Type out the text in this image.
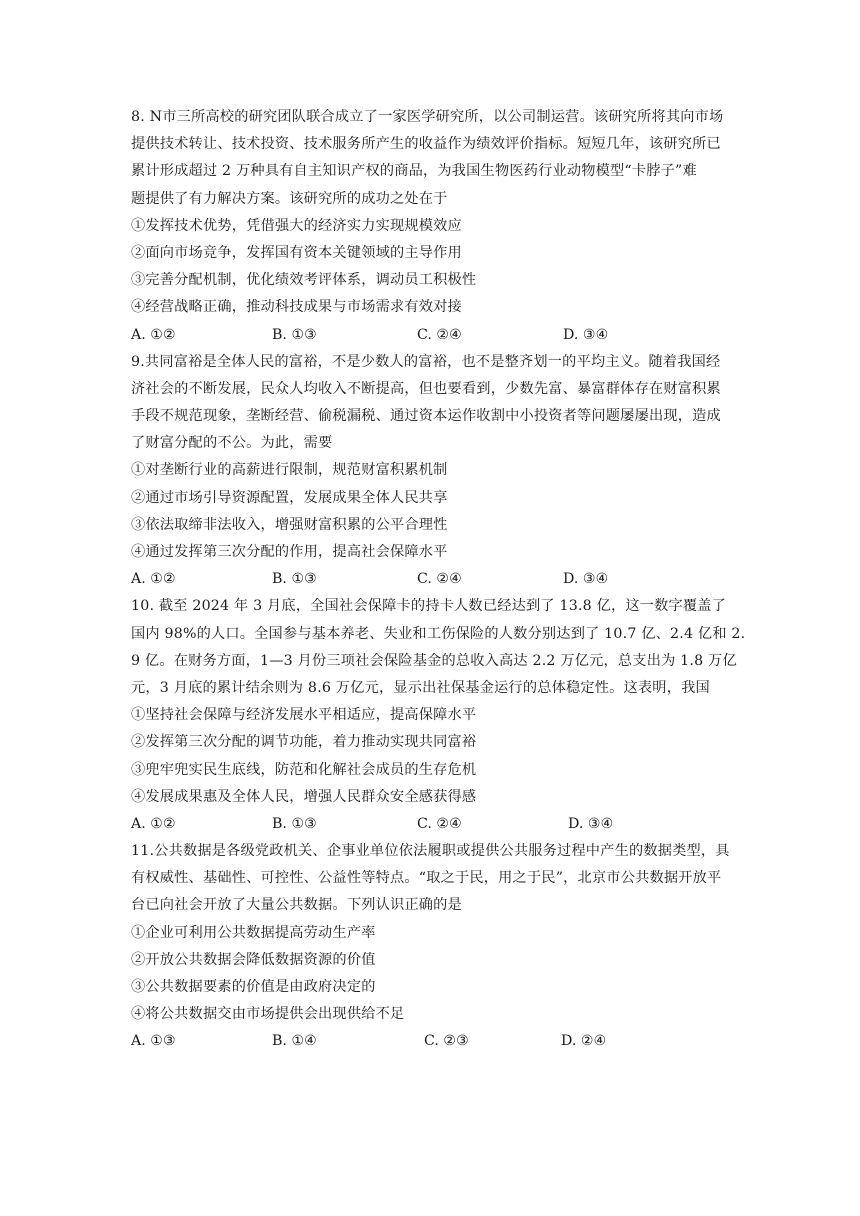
8. N市三所高校的研究团队联合成立了一家医学研究所，以公司制运营。该研究所将其向市场
提供技术转让、技术投资、技术服务所产生的收益作为绩效评价指标。短短几年，该研究所已
累计形成超过 2 万种具有自主知识产权的商品，为我国生物医药行业动物模型“卡脖子”难
题提供了有力解决方案。该研究所的成功之处在于
①发挥技术优势，凭借强大的经济实力实现规模效应
②面向市场竞争，发挥国有资本关键领域的主导作用
③完善分配机制，优化绩效考评体系，调动员工积极性
④经营战略正确，推动科技成果与市场需求有效对接
A. ①②	B. ①③	C. ②④	D. ③④
9.共同富裕是全体人民的富裕，不是少数人的富裕，也不是整齐划一的平均主义。随着我国经
济社会的不断发展，民众人均收入不断提高，但也要看到，少数先富、暴富群体存在财富积累
手段不规范现象，垄断经营、偷税漏税、通过资本运作收割中小投资者等问题屡屡出现，造成
了财富分配的不公。为此，需要
①对垄断行业的高薪进行限制，规范财富积累机制
②通过市场引导资源配置，发展成果全体人民共享
③依法取缔非法收入，增强财富积累的公平合理性
④通过发挥第三次分配的作用，提高社会保障水平
A. ①②	B. ①③	C. ②④	D. ③④
10. 截至 2024 年 3 月底，全国社会保障卡的持卡人数已经达到了 13.8 亿，这一数字覆盖了
国内 98%的人口。全国参与基本养老、失业和工伤保险的人数分别达到了 10.7 亿、2.4 亿和 2.
9 亿。在财务方面，1—3 月份三项社会保险基金的总收入高达 2.2 万亿元，总支出为 1.8 万亿
元，3 月底的累计结余则为 8.6 万亿元，显示出社保基金运行的总体稳定性。这表明，我国
①坚持社会保障与经济发展水平相适应，提高保障水平
②发挥第三次分配的调节功能，着力推动实现共同富裕
③兜牢兜实民生底线，防范和化解社会成员的生存危机
④发展成果惠及全体人民，增强人民群众安全感获得感
A. ①②	B. ①③	C. ②④	D. ③④
11.公共数据是各级党政机关、企事业单位依法履职或提供公共服务过程中产生的数据类型，具
有权威性、基础性、可控性、公益性等特点。“取之于民，用之于民”，北京市公共数据开放平
台已向社会开放了大量公共数据。下列认识正确的是
①企业可利用公共数据提高劳动生产率
②开放公共数据会降低数据资源的价值
③公共数据要素的价值是由政府决定的
④将公共数据交由市场提供会出现供给不足
A. ①③	B. ①④	C. ②③	D. ②④
